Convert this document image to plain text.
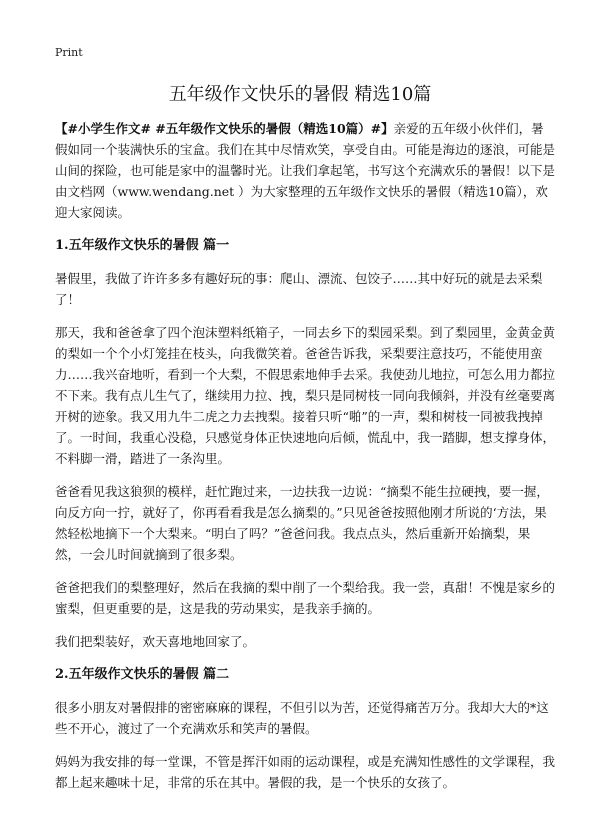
Print
五年级作文快乐的暑假 精选10篇

【#小学生作文# #五年级作文快乐的暑假（精选10篇）#】亲爱的五年级小伙伴们，暑假如同一个装满快乐的宝盒。我们在其中尽情欢笑，享受自由。可能是海边的逐浪，可能是山间的探险，也可能是家中的温馨时光。让我们拿起笔，书写这个充满欢乐的暑假！以下是由文档网（www.wendang.net ）为大家整理的五年级作文快乐的暑假（精选10篇），欢迎大家阅读。

1.五年级作文快乐的暑假 篇一

暑假里，我做了许许多多有趣好玩的事：爬山、漂流、包饺子……其中好玩的就是去采梨了！

那天，我和爸爸拿了四个泡沫塑料纸箱子，一同去乡下的梨园采梨。到了梨园里，金黄金黄的梨如一个个小灯笼挂在枝头，向我微笑着。爸爸告诉我，采梨要注意技巧，不能使用蛮力……我兴奋地听，看到一个大梨，不假思索地伸手去采。我使劲儿地拉，可怎么用力都拉不下来。我有点儿生气了，继续用力拉、拽，梨只是同树枝一同向我倾斜，并没有丝毫要离开树的迹象。我又用九牛二虎之力去拽梨。接着只听“啪”的一声，梨和树枝一同被我拽掉了。一时间，我重心没稳，只感觉身体正快速地向后倾，慌乱中，我一踏脚，想支撑身体，不料脚一滑，踏进了一条沟里。

爸爸看见我这狼狈的模样，赶忙跑过来，一边扶我一边说：“摘梨不能生拉硬拽，要一握，向反方向一拧，就好了，你再看看我是怎么摘梨的。”只见爸爸按照他刚才所说的‘方法，果然轻松地摘下一个大梨来。“明白了吗？”爸爸问我。我点点头，然后重新开始摘梨，果然，一会儿时间就摘到了很多梨。

爸爸把我们的梨整理好，然后在我摘的梨中削了一个梨给我。我一尝，真甜！不愧是家乡的蜜梨，但更重要的是，这是我的劳动果实，是我亲手摘的。

我们把梨装好，欢天喜地地回家了。

2.五年级作文快乐的暑假 篇二

很多小朋友对暑假排的密密麻麻的课程，不但引以为苦，还觉得痛苦万分。我却大大的*这些不开心，渡过了一个充满欢乐和笑声的暑假。

妈妈为我安排的每一堂课，不管是挥汗如雨的运动课程，或是充满知性感性的文学课程，我都上起来趣味十足，非常的乐在其中。暑假的我，是一个快乐的女孩了。
